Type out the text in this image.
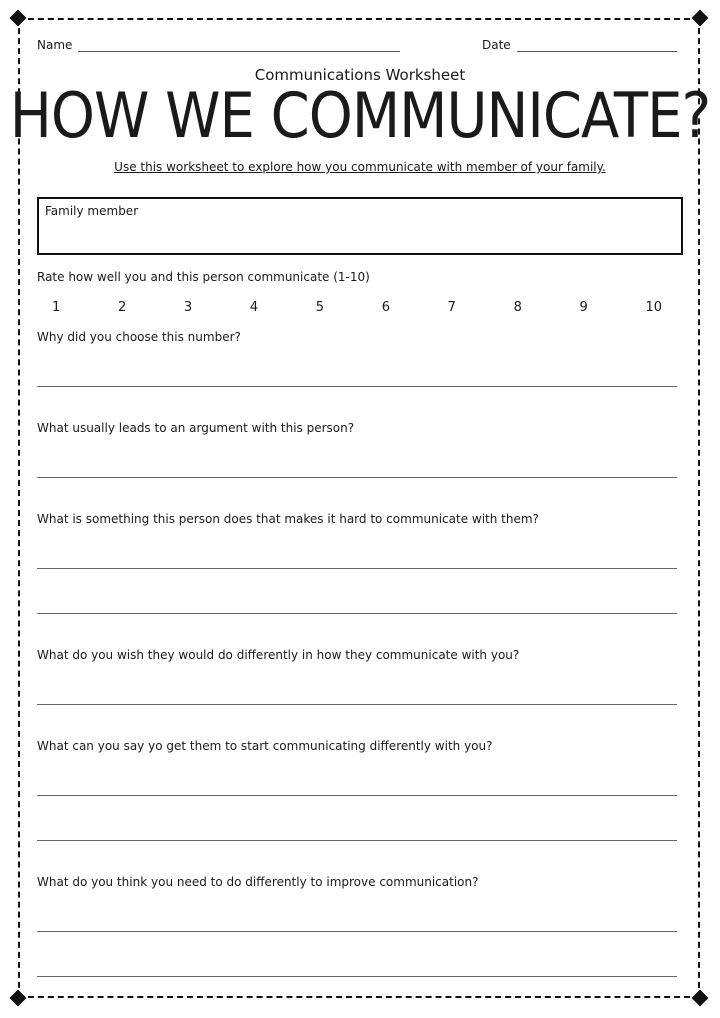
Name	Date
Communications Worksheet
HOW WE COMMUNICATE?
Use this worksheet to explore how you communicate with member of your family.
Family member
Rate how well you and this person communicate (1-10)
1	2	3	4	5	6	7	8	9	10
Why did you choose this number?
What usually leads to an argument with this person?
What is something this person does that makes it hard to communicate with them?
What do you wish they would do differently in how they communicate with you?
What can you say yo get them to start communicating differently with you?
What do you think you need to do differently to improve communication?
